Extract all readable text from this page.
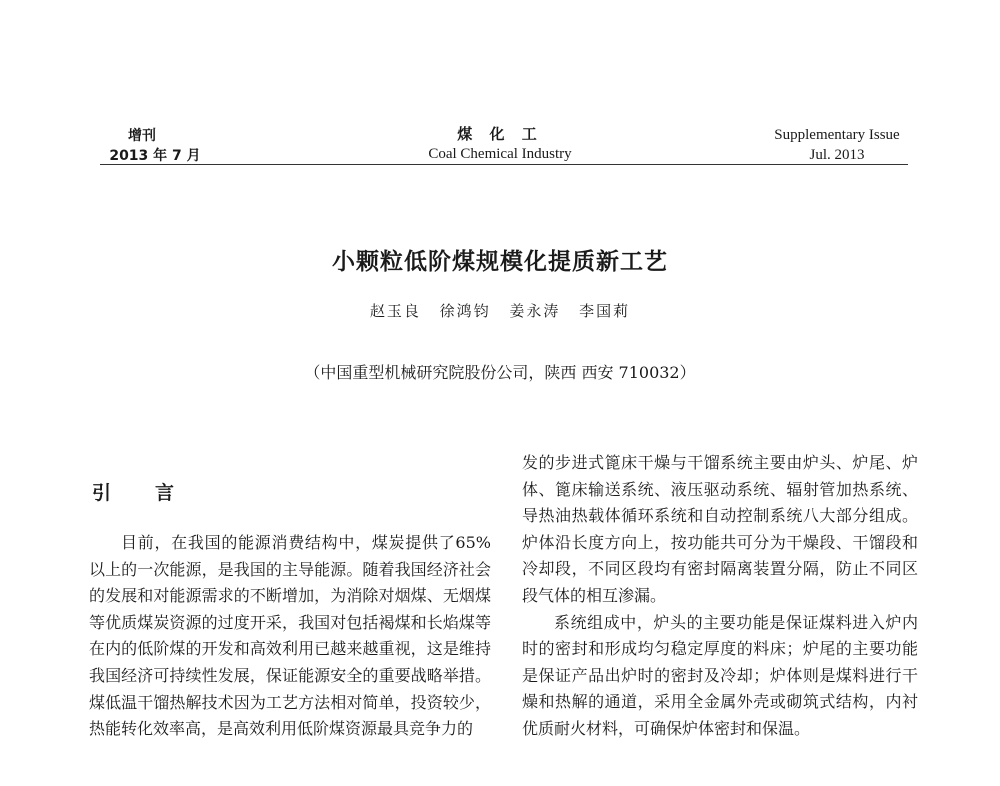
增刊
2013 年 7 月
煤 化 工
Coal Chemical Industry
Supplementary Issue
Jul. 2013
小颗粒低阶煤规模化提质新工艺
赵玉良 徐鸿钧 姜永涛 李国莉
（中国重型机械研究院股份公司，陕西 西安 710032）
引言

目前，在我国的能源消费结构中，煤炭提供了65%以上的一次能源，是我国的主导能源。随着我国经济社会的发展和对能源需求的不断增加，为消除对烟煤、无烟煤等优质煤炭资源的过度开采，我国对包括褐煤和长焰煤等在内的低阶煤的开发和高效利用已越来越重视，这是维持我国经济可持续性发展，保证能源安全的重要战略举措。煤低温干馏热解技术因为工艺方法相对简单，投资较少，热能转化效率高，是高效利用低阶煤资源最具竞争力的

发的步进式篦床干燥与干馏系统主要由炉头、炉尾、炉体、篦床输送系统、液压驱动系统、辐射管加热系统、导热油热载体循环系统和自动控制系统八大部分组成。炉体沿长度方向上，按功能共可分为干燥段、干馏段和冷却段，不同区段均有密封隔离装置分隔，防止不同区段气体的相互渗漏。

系统组成中，炉头的主要功能是保证煤料进入炉内时的密封和形成均匀稳定厚度的料床；炉尾的主要功能是保证产品出炉时的密封及冷却；炉体则是煤料进行干燥和热解的通道，采用全金属外壳或砌筑式结构，内衬优质耐火材料，可确保炉体密封和保温。
